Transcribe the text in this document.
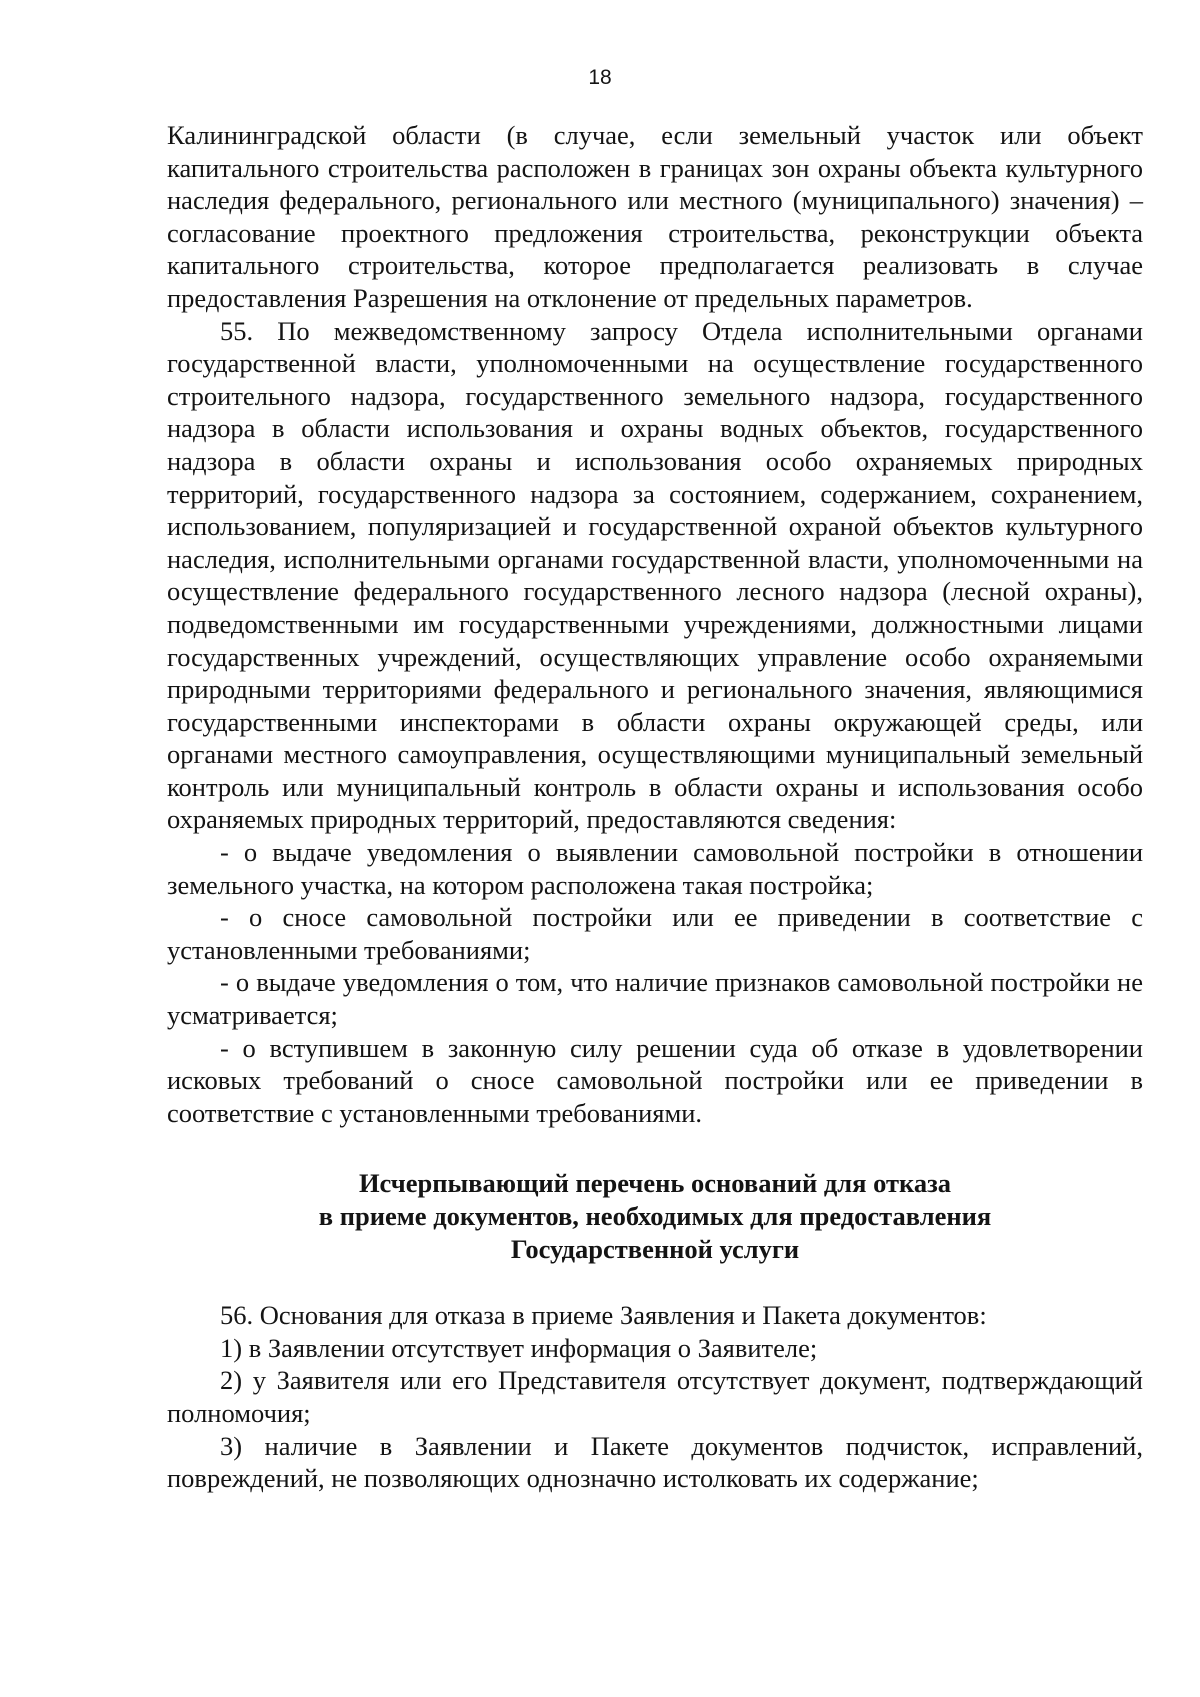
18

Калининградской области (в случае, если земельный участок или объект капитального строительства расположен в границах зон охраны объекта культурного наследия федерального, регионального или местного (муниципального) значения) – согласование проектного предложения строительства, реконструкции объекта капитального строительства, которое предполагается реализовать в случае предоставления Разрешения на отклонение от предельных параметров.

55. По межведомственному запросу Отдела исполнительными органами государственной власти, уполномоченными на осуществление государственного строительного надзора, государственного земельного надзора, государственного надзора в области использования и охраны водных объектов, государственного надзора в области охраны и использования особо охраняемых природных территорий, государственного надзора за состоянием, содержанием, сохранением, использованием, популяризацией и государственной охраной объектов культурного наследия, исполнительными органами государственной власти, уполномоченными на осуществление федерального государственного лесного надзора (лесной охраны), подведомственными им государственными учреждениями, должностными лицами государственных учреждений, осуществляющих управление особо охраняемыми природными территориями федерального и регионального значения, являющимися государственными инспекторами в области охраны окружающей среды, или органами местного самоуправления, осуществляющими муниципальный земельный контроль или муниципальный контроль в области охраны и использования особо охраняемых природных территорий, предоставляются сведения:

- о выдаче уведомления о выявлении самовольной постройки в отношении земельного участка, на котором расположена такая постройка;

- о сносе самовольной постройки или ее приведении в соответствие с установленными требованиями;

- о выдаче уведомления о том, что наличие признаков самовольной постройки не усматривается;

- о вступившем в законную силу решении суда об отказе в удовлетворении исковых требований о сносе самовольной постройки или ее приведении в соответствие с установленными требованиями.

Исчерпывающий перечень оснований для отказа
в приеме документов, необходимых для предоставления
Государственной услуги

56. Основания для отказа в приеме Заявления и Пакета документов:

1) в Заявлении отсутствует информация о Заявителе;

2) у Заявителя или его Представителя отсутствует документ, подтверждающий полномочия;

3) наличие в Заявлении и Пакете документов подчисток, исправлений, повреждений, не позволяющих однозначно истолковать их содержание;
